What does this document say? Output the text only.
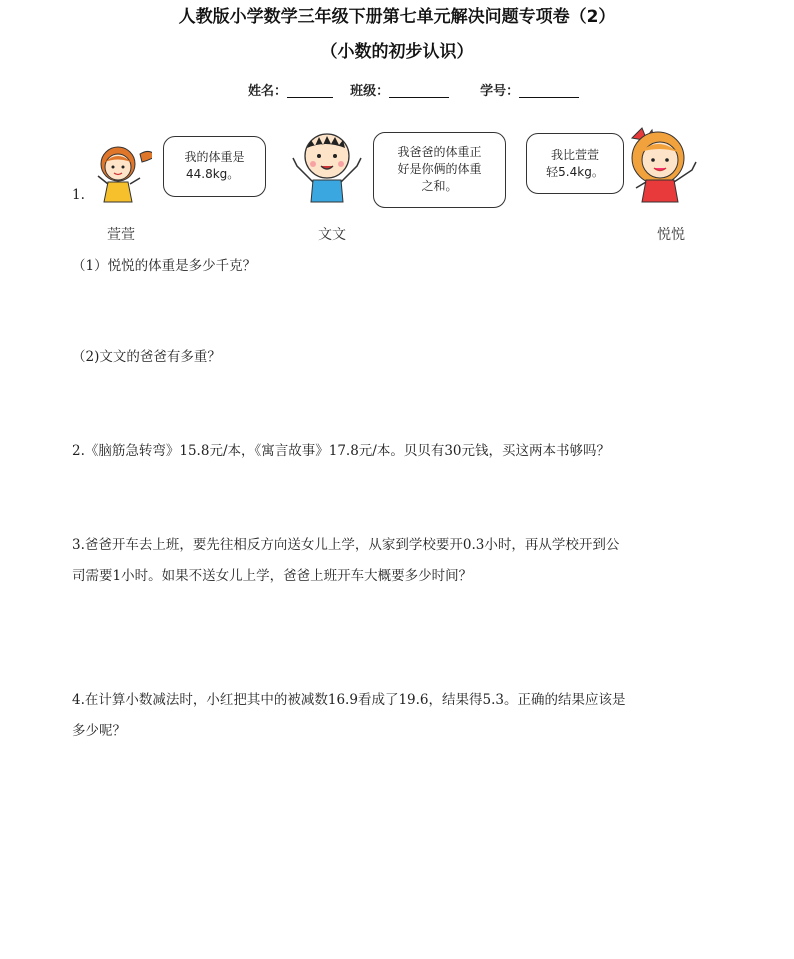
人教版小学数学三年级下册第七单元解决问题专项卷（2）
（小数的初步认识）
姓名：	班级：	学号：
1.
我的体重是
44.8kg。
萱萱
我爸爸的体重正
好是你俩的体重
之和。
文文
我比萱萱
轻5.4kg。
悦悦
（1）悦悦的体重是多少千克？
（2)文文的爸爸有多重？
2.《脑筋急转弯》15.8元/本，《寓言故事》17.8元/本。贝贝有30元钱，买这两本书够吗？
3.爸爸开车去上班，要先往相反方向送女儿上学，从家到学校要开0.3小时，再从学校开到公
司需要1小时。如果不送女儿上学，爸爸上班开车大概要多少时间？
4.在计算小数减法时，小红把其中的被减数16.9看成了19.6，结果得5.3。正确的结果应该是
多少呢？
